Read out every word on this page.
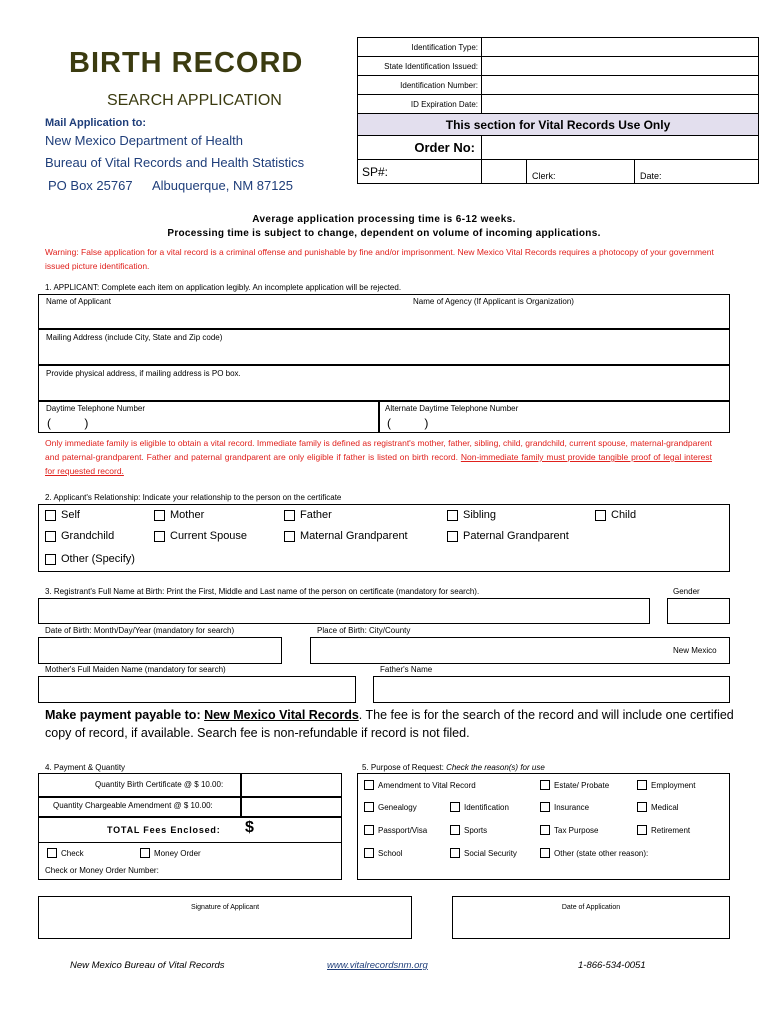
BIRTH RECORD
SEARCH APPLICATION
Mail Application to:
New Mexico Department of Health
Bureau of Vital Records and Health Statistics
PO Box 25767 Albuquerque, NM 87125
Identification Type:			
State Identification Issued:			
Identification Number:			
ID Expiration Date:			
This section for Vital Records Use Only			
Order No:			
SP#:		Clerk:	Date:
Average application processing time is 6-12 weeks.
Processing time is subject to change, dependent on volume of incoming applications.
Warning: False application for a vital record is a criminal offense and punishable by fine and/or imprisonment. New Mexico Vital Records requires a photocopy of your government issued picture identification.
1. APPLICANT: Complete each item on application legibly. An incomplete application will be rejected.
Name of Applicant	Name of Agency (If Applicant is Organization)
Mailing Address (include City, State and Zip code)
Provide physical address, if mailing address is PO box.
Daytime Telephone Number
(          )
Alternate Daytime Telephone Number
(          )
Only immediate family is eligible to obtain a vital record. Immediate family is defined as registrant's mother, father, sibling, child, grandchild, current spouse, maternal-grandparent and paternal-grandparent. Father and paternal grandparent are only eligible if father is listed on birth record. Non-immediate family must provide tangible proof of legal interest for requested record.
2. Applicant's Relationship: Indicate your relationship to the person on the certificate
Self	Mother	Father	Sibling	Child
Grandchild	Current Spouse	Maternal Grandparent	Paternal Grandparent
Other (Specify)
3. Registrant's Full Name at Birth: Print the First, Middle and Last name of the person on certificate (mandatory for search).	Gender
Date of Birth: Month/Day/Year (mandatory for search)	Place of Birth: City/County
New Mexico
Mother's Full Maiden Name (mandatory for search)	Father's Name
Make payment payable to: New Mexico Vital Records. The fee is for the search of the record and will include one certified copy of record, if available. Search fee is non-refundable if record is not filed.
4. Payment & Quantity
Quantity Birth Certificate @ $ 10.00:
Quantity Chargeable Amendment @ $ 10.00:
TOTAL Fees Enclosed: $
Check	Money Order
Check or Money Order Number:
5. Purpose of Request: Check the reason(s) for use
Amendment to Vital Record	Estate/ Probate	Employment
Genealogy	Identification	Insurance	Medical
Passport/Visa	Sports	Tax Purpose	Retirement
School	Social Security	Other (state other reason):
Signature of Applicant	Date of Application
New Mexico Bureau of Vital Records	www.vitalrecordsnm.org	1-866-534-0051
